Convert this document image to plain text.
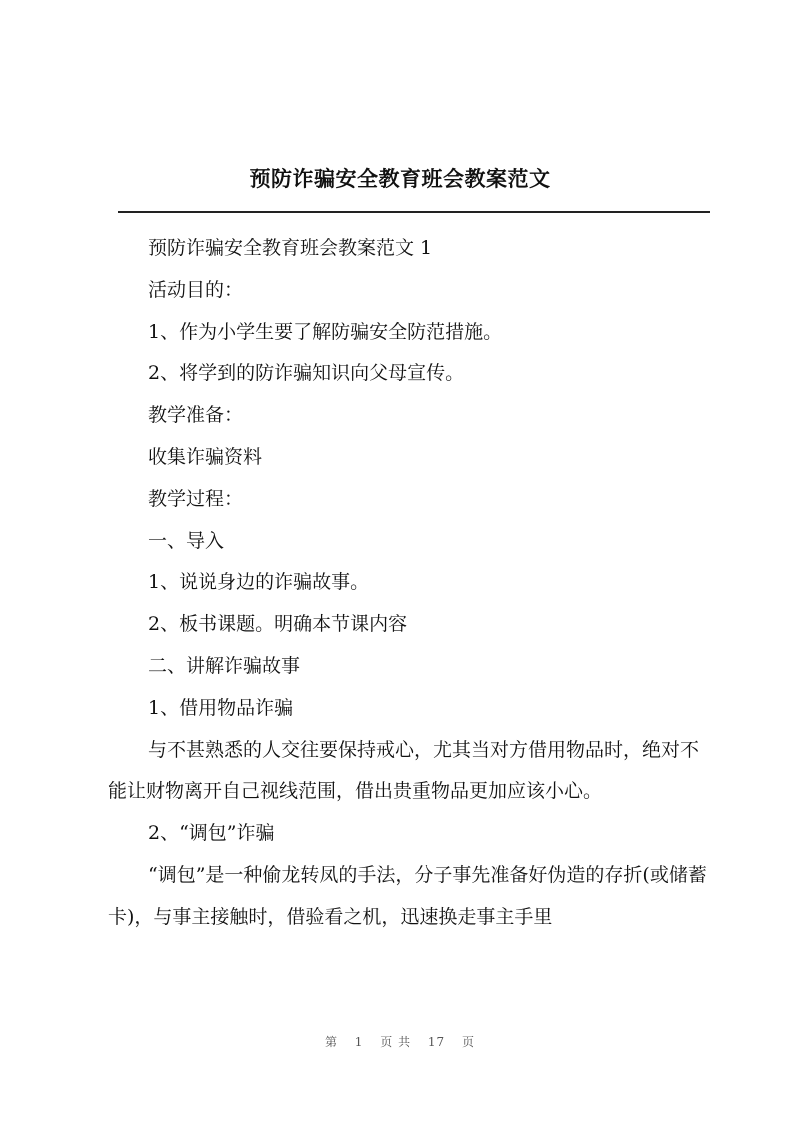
预防诈骗安全教育班会教案范文

预防诈骗安全教育班会教案范文 1

活动目的：

1、作为小学生要了解防骗安全防范措施。

2、将学到的防诈骗知识向父母宣传。

教学准备：

收集诈骗资料

教学过程：

一、导入

1、说说身边的诈骗故事。

2、板书课题。明确本节课内容

二、讲解诈骗故事

1、借用物品诈骗

与不甚熟悉的人交往要保持戒心，尤其当对方借用物品时，绝对不能让财物离开自己视线范围，借出贵重物品更加应该小心。

2、“调包”诈骗

“调包”是一种偷龙转凤的手法，分子事先准备好伪造的存折(或储蓄卡)，与事主接触时，借验看之机，迅速换走事主手里

第 1 页 共 17 页
